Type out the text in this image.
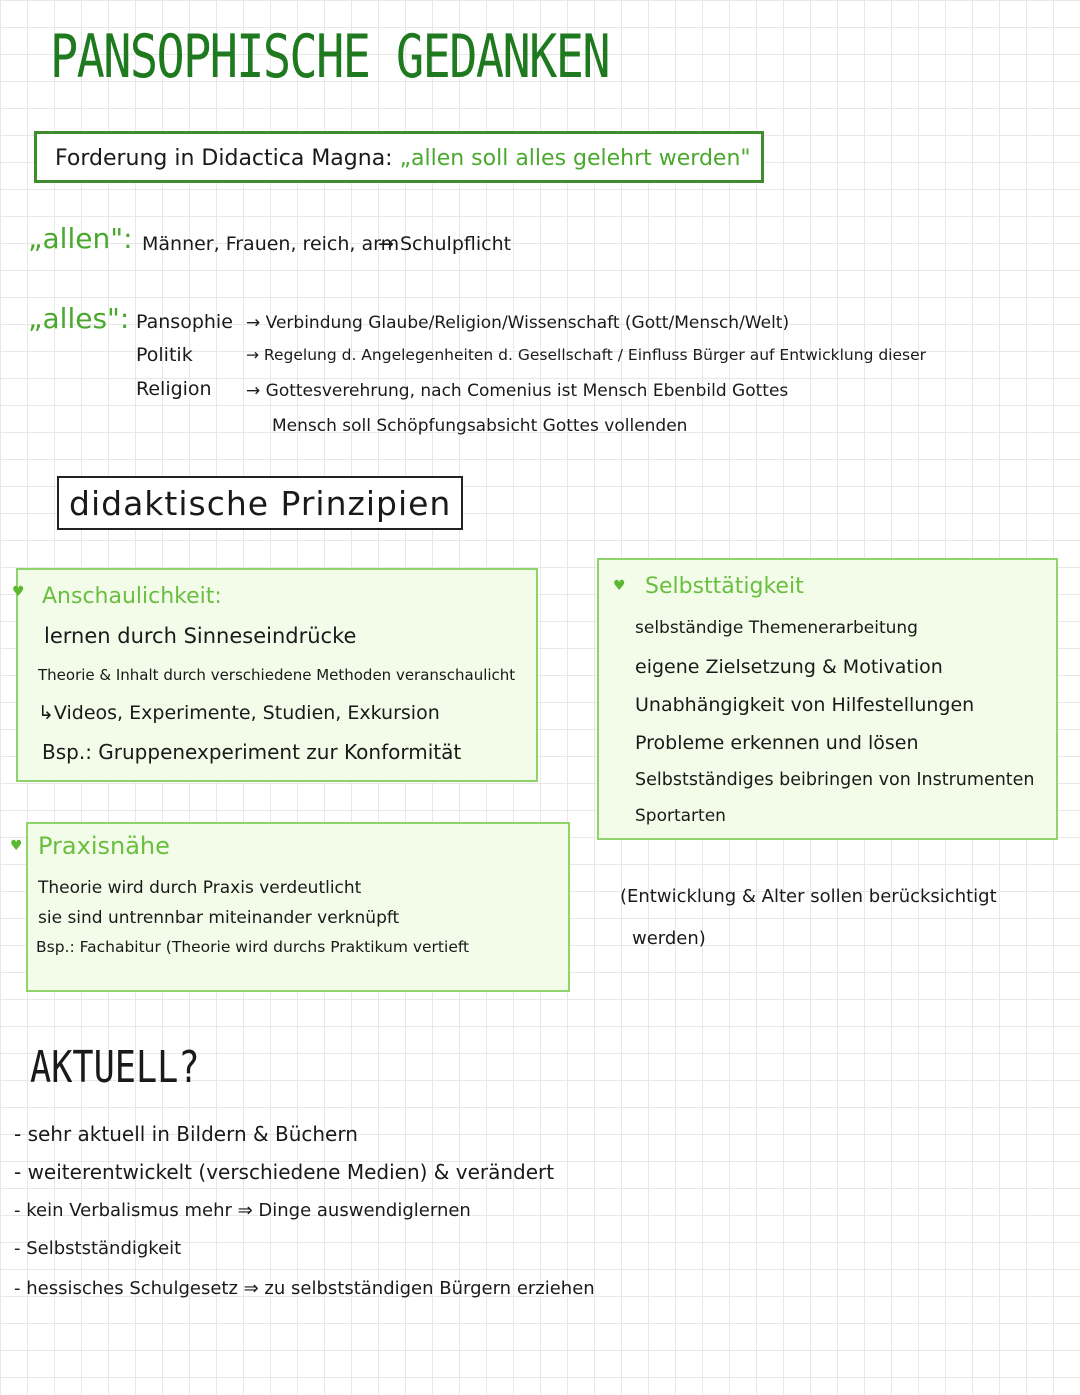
PANSOPHISCHE GEDANKEN
Forderung in Didactica Magna: „allen soll alles gelehrt werden"
„allen": Männer, Frauen, reich, arm
→ Schulpflicht
„alles": Pansophie → Verbindung Glaube/Religion/Wissenschaft (Gott/Mensch/Welt)
Politik	→ Regelung d. Angelegenheiten d. Gesellschaft / Einfluss Bürger auf Entwicklung dieser
Religion → Gottesverehrung, nach Comenius ist Mensch Ebenbild Gottes
Mensch soll Schöpfungsabsicht Gottes vollenden
didaktische Prinzipien
♥ Anschaulichkeit:
lernen durch Sinneseindrücke
Theorie & Inhalt durch verschiedene Methoden veranschaulicht
↳Videos, Experimente, Studien, Exkursion
Bsp.: Gruppenexperiment zur Konformität
♥ Selbsttätigkeit
selbständige Themenerarbeitung
eigene Zielsetzung & Motivation
Unabhängigkeit von Hilfestellungen
Probleme erkennen und lösen
Selbstständiges beibringen von Instrumenten
Sportarten
♥ Praxisnähe
Theorie wird durch Praxis verdeutlicht
sie sind untrennbar miteinander verknüpft
Bsp.: Fachabitur (Theorie wird durchs Praktikum vertieft
(Entwicklung & Alter sollen berücksichtigt
werden)
AKTUELL?
- sehr aktuell in Bildern & Büchern
- weiterentwickelt (verschiedene Medien) & verändert
- kein Verbalismus mehr ⇒ Dinge auswendiglernen
- Selbstständigkeit
- hessisches Schulgesetz ⇒ zu selbstständigen Bürgern erziehen
